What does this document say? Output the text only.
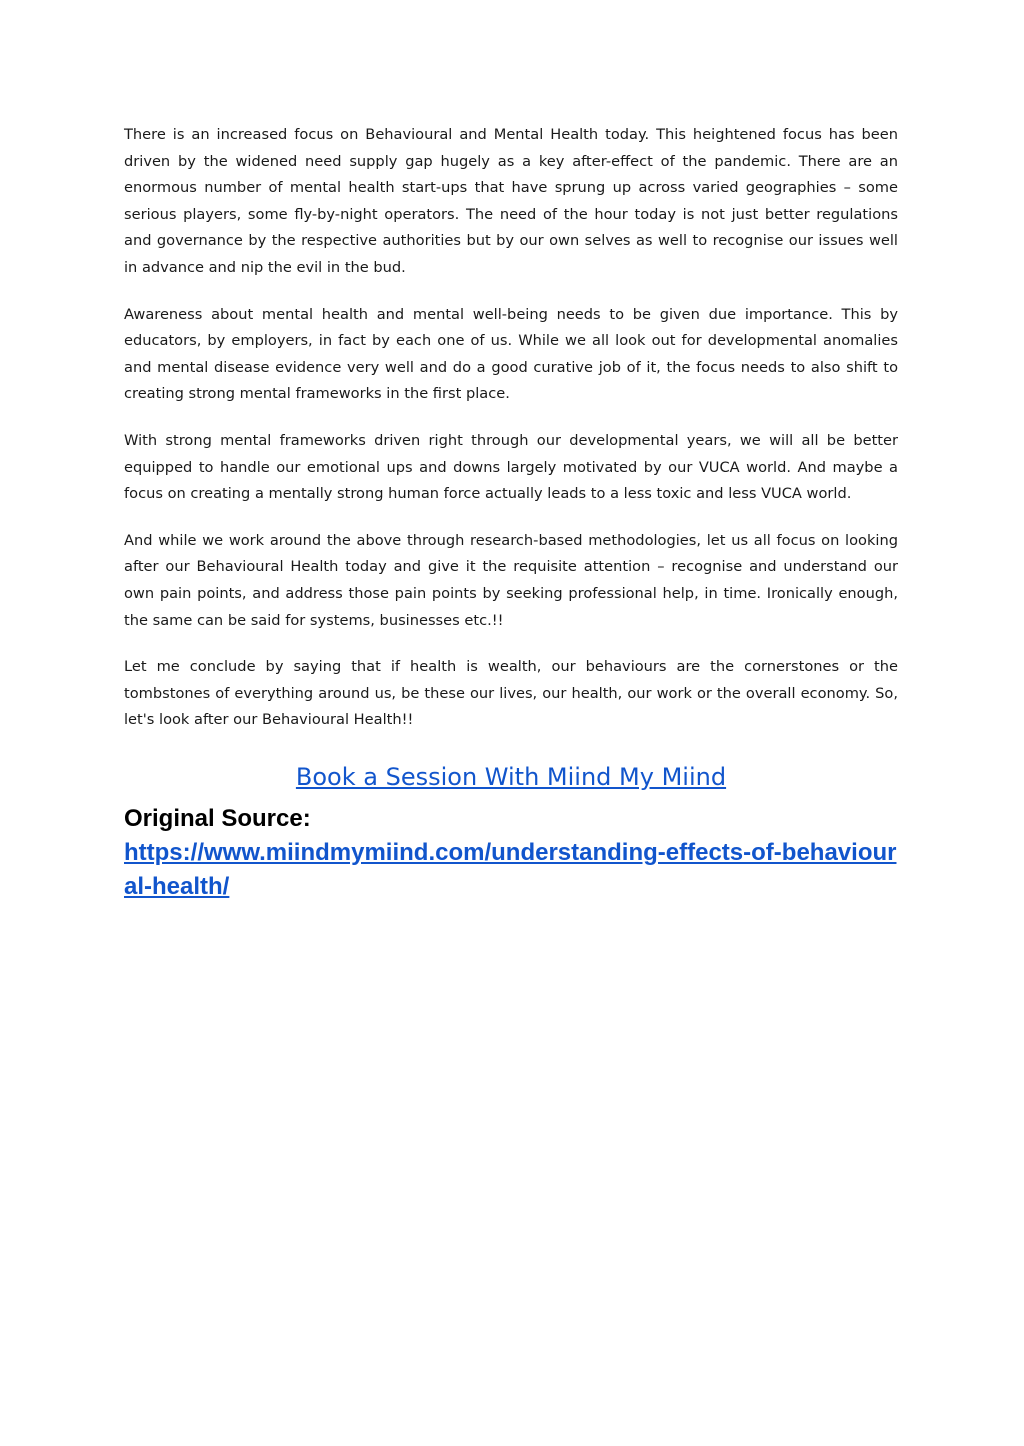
There is an increased focus on Behavioural and Mental Health today. This heightened focus has been driven by the widened need supply gap hugely as a key after-effect of the pandemic. There are an enormous number of mental health start-ups that have sprung up across varied geographies – some serious players, some fly-by-night operators. The need of the hour today is not just better regulations and governance by the respective authorities but by our own selves as well to recognise our issues well in advance and nip the evil in the bud.

Awareness about mental health and mental well-being needs to be given due importance. This by educators, by employers, in fact by each one of us. While we all look out for developmental anomalies and mental disease evidence very well and do a good curative job of it, the focus needs to also shift to creating strong mental frameworks in the first place.

With strong mental frameworks driven right through our developmental years, we will all be better equipped to handle our emotional ups and downs largely motivated by our VUCA world. And maybe a focus on creating a mentally strong human force actually leads to a less toxic and less VUCA world.

And while we work around the above through research-based methodologies, let us all focus on looking after our Behavioural Health today and give it the requisite attention – recognise and understand our own pain points, and address those pain points by seeking professional help, in time. Ironically enough, the same can be said for systems, businesses etc.!!

Let me conclude by saying that if health is wealth, our behaviours are the cornerstones or the tombstones of everything around us, be these our lives, our health, our work or the overall economy. So, let's look after our Behavioural Health!!

Book a Session With Miind My Miind
Original Source:
https://www.miindmymiind.com/understanding-effects-of-behavioural-health/
